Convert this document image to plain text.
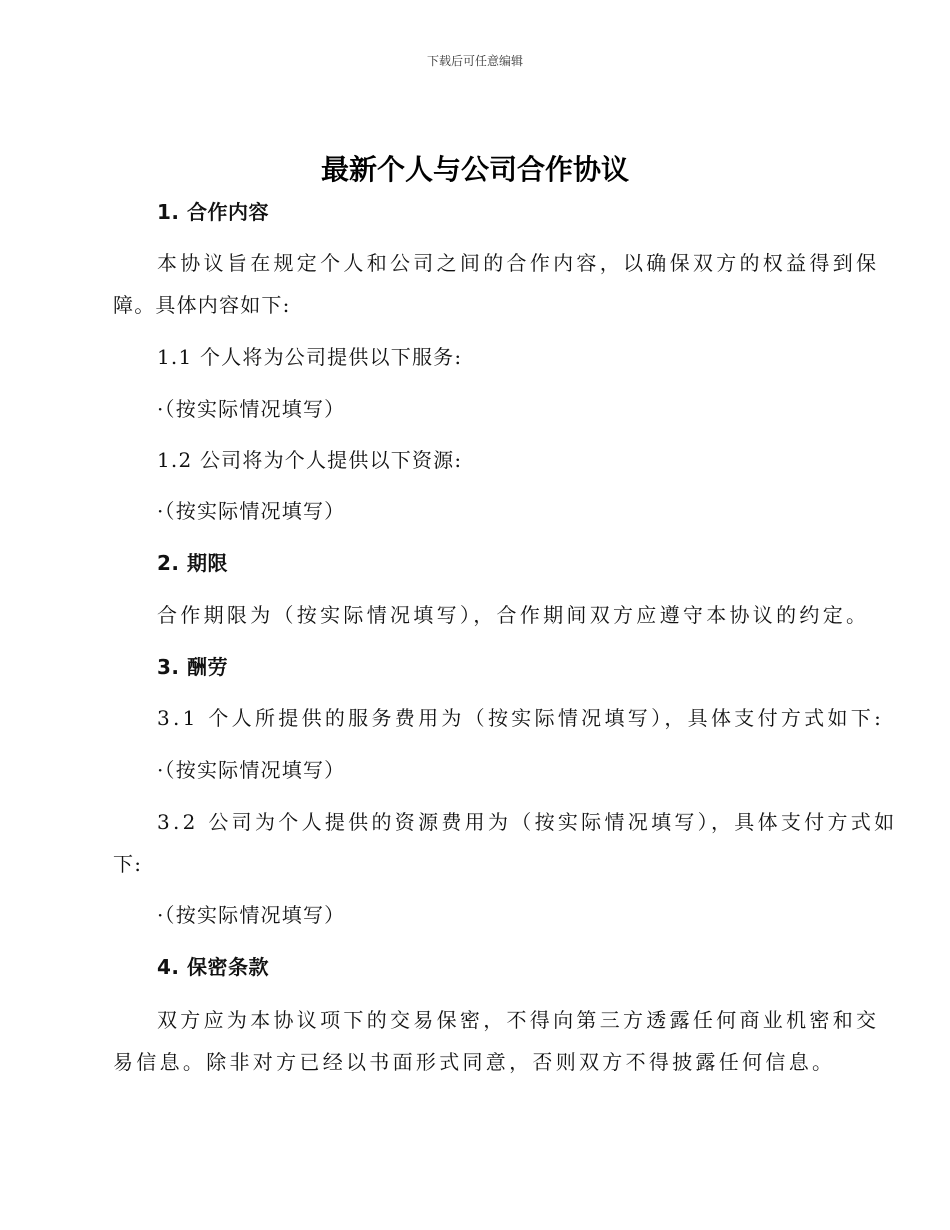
下载后可任意编辑
最新个人与公司合作协议
1. 合作内容
本协议旨在规定个人和公司之间的合作内容，以确保双方的权益得到保
障。具体内容如下:
1.1 个人将为公司提供以下服务:
·（按实际情况填写）
1.2 公司将为个人提供以下资源:
·（按实际情况填写）
2. 期限
合作期限为（按实际情况填写），合作期间双方应遵守本协议的约定。
3. 酬劳
3.1 个人所提供的服务费用为（按实际情况填写），具体支付方式如下:
·（按实际情况填写）
3.2 公司为个人提供的资源费用为（按实际情况填写），具体支付方式如
下:
·（按实际情况填写）
4. 保密条款
双方应为本协议项下的交易保密，不得向第三方透露任何商业机密和交
易信息。除非对方已经以书面形式同意，否则双方不得披露任何信息。
